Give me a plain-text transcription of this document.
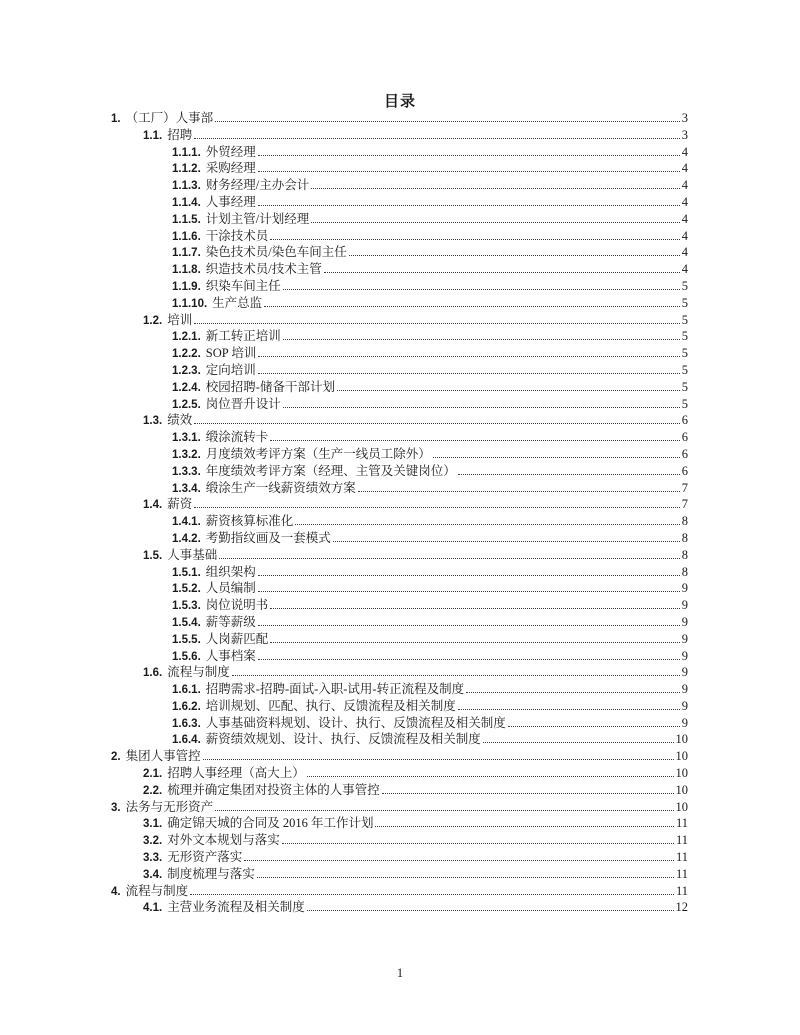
目录
1. （工厂）人事部	3
1.1. 招聘	3
1.1.1. 外贸经理	4
1.1.2. 采购经理	4
1.1.3. 财务经理/主办会计	4
1.1.4. 人事经理	4
1.1.5. 计划主管/计划经理	4
1.1.6. 干涂技术员	4
1.1.7. 染色技术员/染色车间主任	4
1.1.8. 织造技术员/技术主管	4
1.1.9. 织染车间主任	5
1.1.10. 生产总监	5
1.2. 培训	5
1.2.1. 新工转正培训	5
1.2.2. SOP 培训	5
1.2.3. 定向培训	5
1.2.4. 校园招聘-储备干部计划	5
1.2.5. 岗位晋升设计	5
1.3. 绩效	6
1.3.1. 缎涂流转卡	6
1.3.2. 月度绩效考评方案（生产一线员工除外）	6
1.3.3. 年度绩效考评方案（经理、主管及关键岗位）	6
1.3.4. 缎涂生产一线薪资绩效方案	7
1.4. 薪资	7
1.4.1. 薪资核算标准化	8
1.4.2. 考勤指纹画及一套模式	8
1.5. 人事基础	8
1.5.1. 组织架构	8
1.5.2. 人员编制	9
1.5.3. 岗位说明书	9
1.5.4. 薪等薪级	9
1.5.5. 人岗薪匹配	9
1.5.6. 人事档案	9
1.6. 流程与制度	9
1.6.1. 招聘需求-招聘-面试-入职-试用-转正流程及制度	9
1.6.2. 培训规划、匹配、执行、反馈流程及相关制度	9
1.6.3. 人事基础资料规划、设计、执行、反馈流程及相关制度	9
1.6.4. 薪资绩效规划、设计、执行、反馈流程及相关制度	10
2. 集团人事管控	10
2.1. 招聘人事经理（高大上）	10
2.2. 梳理并确定集团对投资主体的人事管控	10
3. 法务与无形资产	10
3.1. 确定锦天城的合同及 2016 年工作计划	11
3.2. 对外文本规划与落实	11
3.3. 无形资产落实	11
3.4. 制度梳理与落实	11
4. 流程与制度	11
4.1. 主营业务流程及相关制度	12
1
